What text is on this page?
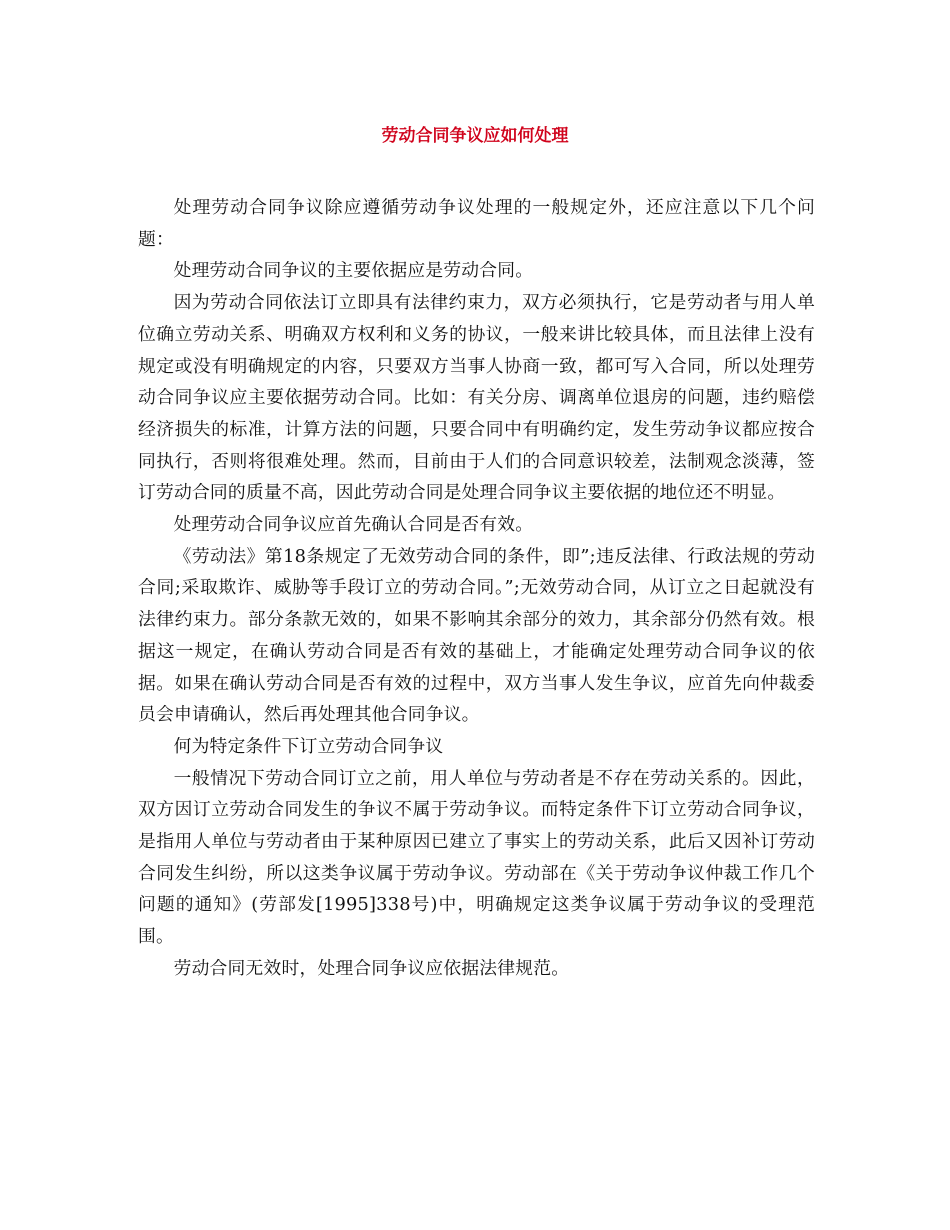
劳动合同争议应如何处理

处理劳动合同争议除应遵循劳动争议处理的一般规定外，还应注意以下几个问题：

处理劳动合同争议的主要依据应是劳动合同。

因为劳动合同依法订立即具有法律约束力，双方必须执行，它是劳动者与用人单位确立劳动关系、明确双方权利和义务的协议，一般来讲比较具体，而且法律上没有规定或没有明确规定的内容，只要双方当事人协商一致，都可写入合同，所以处理劳动合同争议应主要依据劳动合同。比如：有关分房、调离单位退房的问题，违约赔偿经济损失的标准，计算方法的问题，只要合同中有明确约定，发生劳动争议都应按合同执行，否则将很难处理。然而，目前由于人们的合同意识较差，法制观念淡薄，签订劳动合同的质量不高，因此劳动合同是处理合同争议主要依据的地位还不明显。

处理劳动合同争议应首先确认合同是否有效。

《劳动法》第18条规定了无效劳动合同的条件，即”;违反法律、行政法规的劳动合同;采取欺诈、威胁等手段订立的劳动合同。”;无效劳动合同，从订立之日起就没有法律约束力。部分条款无效的，如果不影响其余部分的效力，其余部分仍然有效。根据这一规定，在确认劳动合同是否有效的基础上，才能确定处理劳动合同争议的依据。如果在确认劳动合同是否有效的过程中，双方当事人发生争议，应首先向仲裁委员会申请确认，然后再处理其他合同争议。

何为特定条件下订立劳动合同争议

一般情况下劳动合同订立之前，用人单位与劳动者是不存在劳动关系的。因此，双方因订立劳动合同发生的争议不属于劳动争议。而特定条件下订立劳动合同争议，是指用人单位与劳动者由于某种原因已建立了事实上的劳动关系，此后又因补订劳动合同发生纠纷，所以这类争议属于劳动争议。劳动部在《关于劳动争议仲裁工作几个问题的通知》(劳部发[1995]338号)中，明确规定这类争议属于劳动争议的受理范围。

劳动合同无效时，处理合同争议应依据法律规范。
